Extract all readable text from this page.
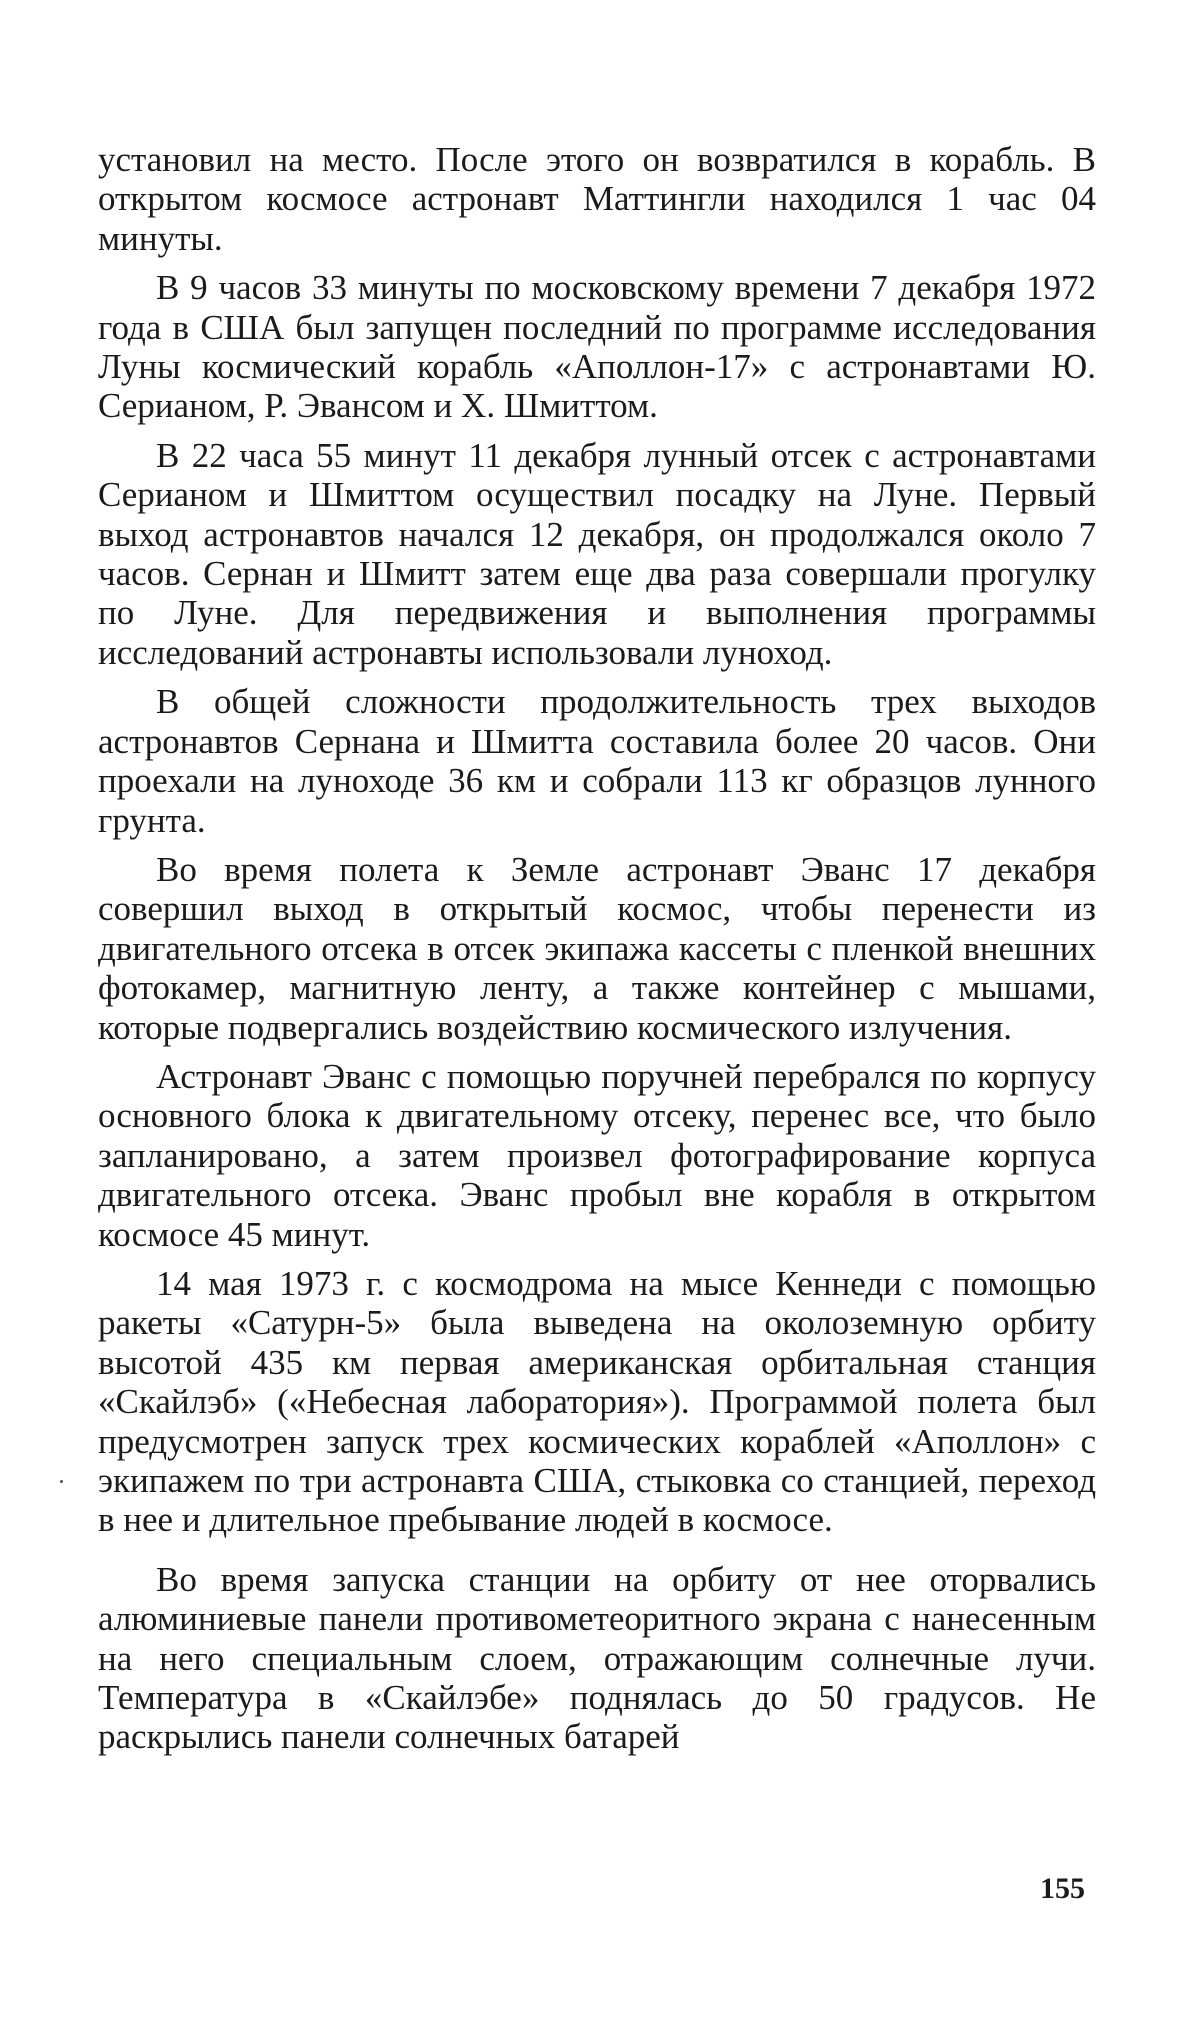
установил на место. После этого он возвратился в корабль. В открытом космосе астронавт Маттингли находился 1 час 04 минуты.

В 9 часов 33 минуты по московскому времени 7 декабря 1972 года в США был запущен последний по программе исследования Луны космический корабль «Аполлон-17» с астронавтами Ю. Серианом, Р. Эвансом и Х. Шмиттом.

В 22 часа 55 минут 11 декабря лунный отсек с астронавтами Серианом и Шмиттом осуществил посадку на Луне. Первый выход астронавтов начался 12 декабря, он продолжался около 7 часов. Сернан и Шмитт затем еще два раза совершали прогулку по Луне. Для передвижения и выполнения программы исследований астронавты использовали луноход.

В общей сложности продолжительность трех выходов астронавтов Сернана и Шмитта составила более 20 часов. Они проехали на луноходе 36 км и собрали 113 кг образцов лунного грунта.

Во время полета к Земле астронавт Эванс 17 декабря совершил выход в открытый космос, чтобы перенести из двигательного отсека в отсек экипажа кассеты с пленкой внешних фотокамер, магнитную ленту, а также контейнер с мышами, которые подвергались воздействию космического излучения.

Астронавт Эванс с помощью поручней перебрался по корпусу основного блока к двигательному отсеку, перенес все, что было запланировано, а затем произвел фотографирование корпуса двигательного отсека. Эванс пробыл вне корабля в открытом космосе 45 минут.

14 мая 1973 г. с космодрома на мысе Кеннеди с помощью ракеты «Сатурн-5» была выведена на околоземную орбиту высотой 435 км первая американская орбитальная станция «Скайлэб» («Небесная лаборатория»). Программой полета был предусмотрен запуск трех космических кораблей «Аполлон» с экипажем по три астронавта США, стыковка со станцией, переход в нее и длительное пребывание людей в космосе.

Во время запуска станции на орбиту от нее оторвались алюминиевые панели противометеоритного экрана с нанесенным на него специальным слоем, отражающим солнечные лучи. Температура в «Скайлэбе» поднялась до 50 градусов. Не раскрылись панели солнечных батарей

155
